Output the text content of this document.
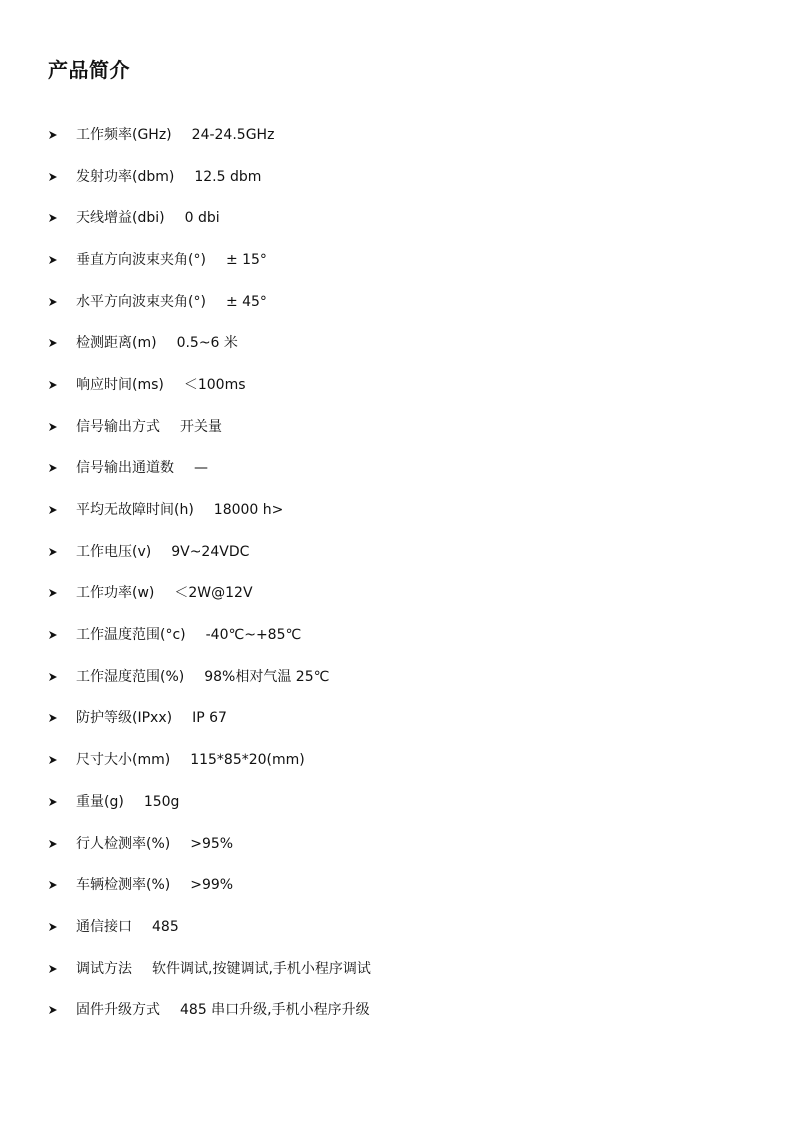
产品简介
工作频率(GHz) 24-24.5GHz
发射功率(dbm) 12.5 dbm
天线增益(dbi) 0 dbi
垂直方向波束夹角(°) ± 15°
水平方向波束夹角(°) ± 45°
检测距离(m) 0.5~6 米
响应时间(ms) ＜100ms
信号输出方式 开关量
信号输出通道数 —
平均无故障时间(h) 18000 h>
工作电压(v) 9V~24VDC
工作功率(w) ＜2W@12V
工作温度范围(°c) -40℃~+85℃
工作湿度范围(%) 98%相对气温 25℃
防护等级(IPxx) IP 67
尺寸大小(mm) 115*85*20(mm)
重量(g) 150g
行人检测率(%) >95%
车辆检测率(%) >99%
通信接口 485
调试方法 软件调试,按键调试,手机小程序调试
固件升级方式 485 串口升级,手机小程序升级
